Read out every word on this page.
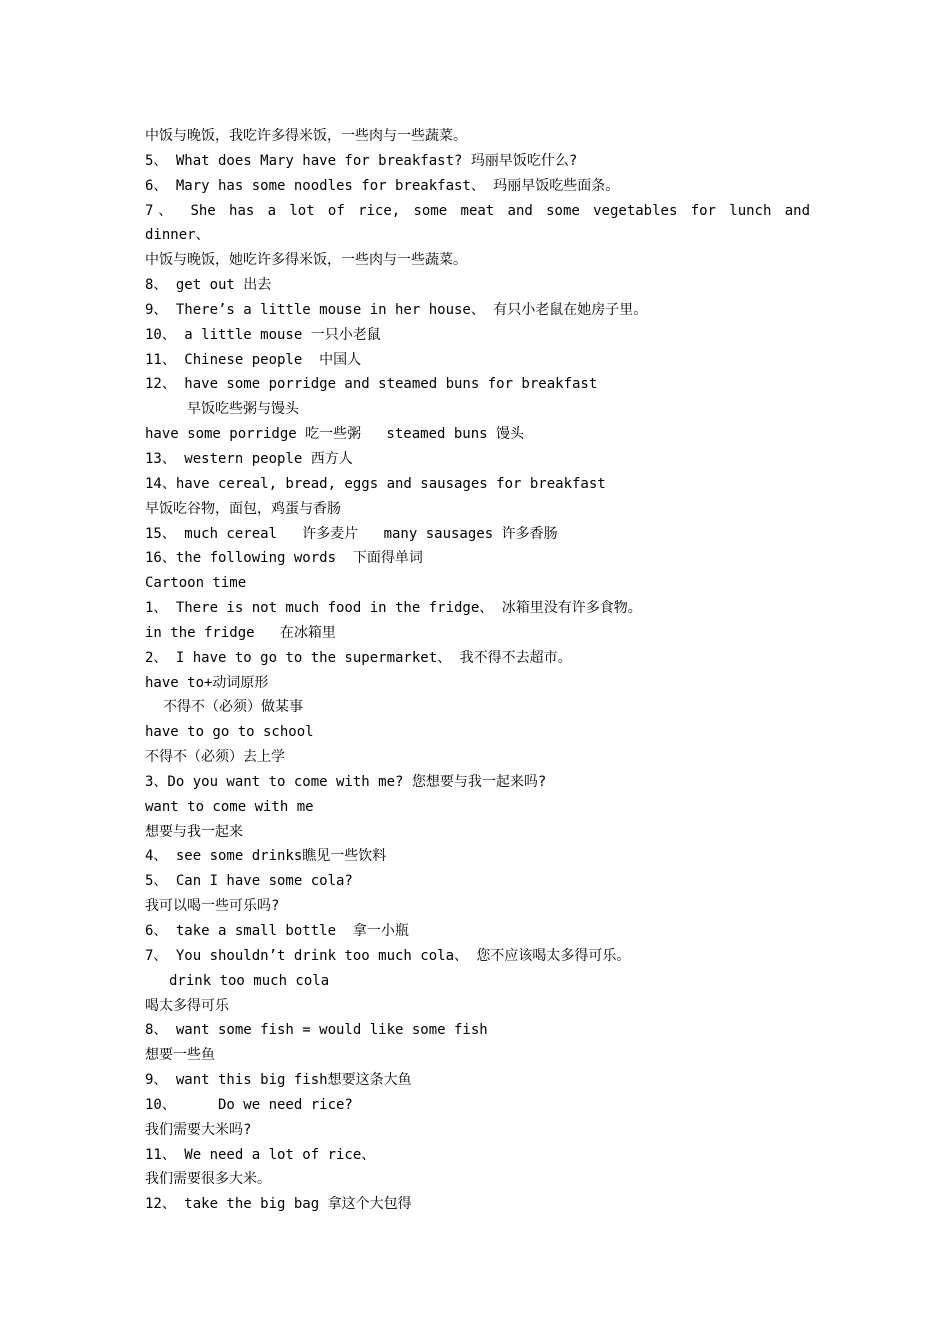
中饭与晚饭，我吃许多得米饭，一些肉与一些蔬菜。
5、 What does Mary have for breakfast? 玛丽早饭吃什么?
6、 Mary has some noodles for breakfast、 玛丽早饭吃些面条。
7、 She has a lot of rice, some meat and some vegetables for lunch and
dinner、
中饭与晚饭，她吃许多得米饭，一些肉与一些蔬菜。
8、 get out 出去
9、 There’s a little mouse in her house、 有只小老鼠在她房子里。
10、 a little mouse 一只小老鼠
11、 Chinese people  中国人
12、 have some porridge and steamed buns for breakfast
早饭吃些粥与馒头
have some porridge 吃一些粥   steamed buns 馒头
13、 western people 西方人
14、have cereal, bread, eggs and sausages for breakfast
早饭吃谷物，面包，鸡蛋与香肠
15、 much cereal   许多麦片   many sausages 许多香肠
16、the following words  下面得单词
Cartoon time
1、 There is not much food in the fridge、 冰箱里没有许多食物。
in the fridge   在冰箱里
2、 I have to go to the supermarket、 我不得不去超市。
have to+动词原形
不得不（必须）做某事
have to go to school
不得不（必须）去上学
3、Do you want to come with me? 您想要与我一起来吗?
want to come with me
想要与我一起来
4、 see some drinks瞧见一些饮料
5、 Can I have some cola?
我可以喝一些可乐吗?
6、 take a small bottle  拿一小瓶
7、 You shouldn’t drink too much cola、 您不应该喝太多得可乐。
drink too much cola
喝太多得可乐
8、 want some fish = would like some fish
想要一些鱼
9、 want this big fish想要这条大鱼
10、     Do we need rice?
我们需要大米吗?
11、 We need a lot of rice、
我们需要很多大米。
12、 take the big bag 拿这个大包得
